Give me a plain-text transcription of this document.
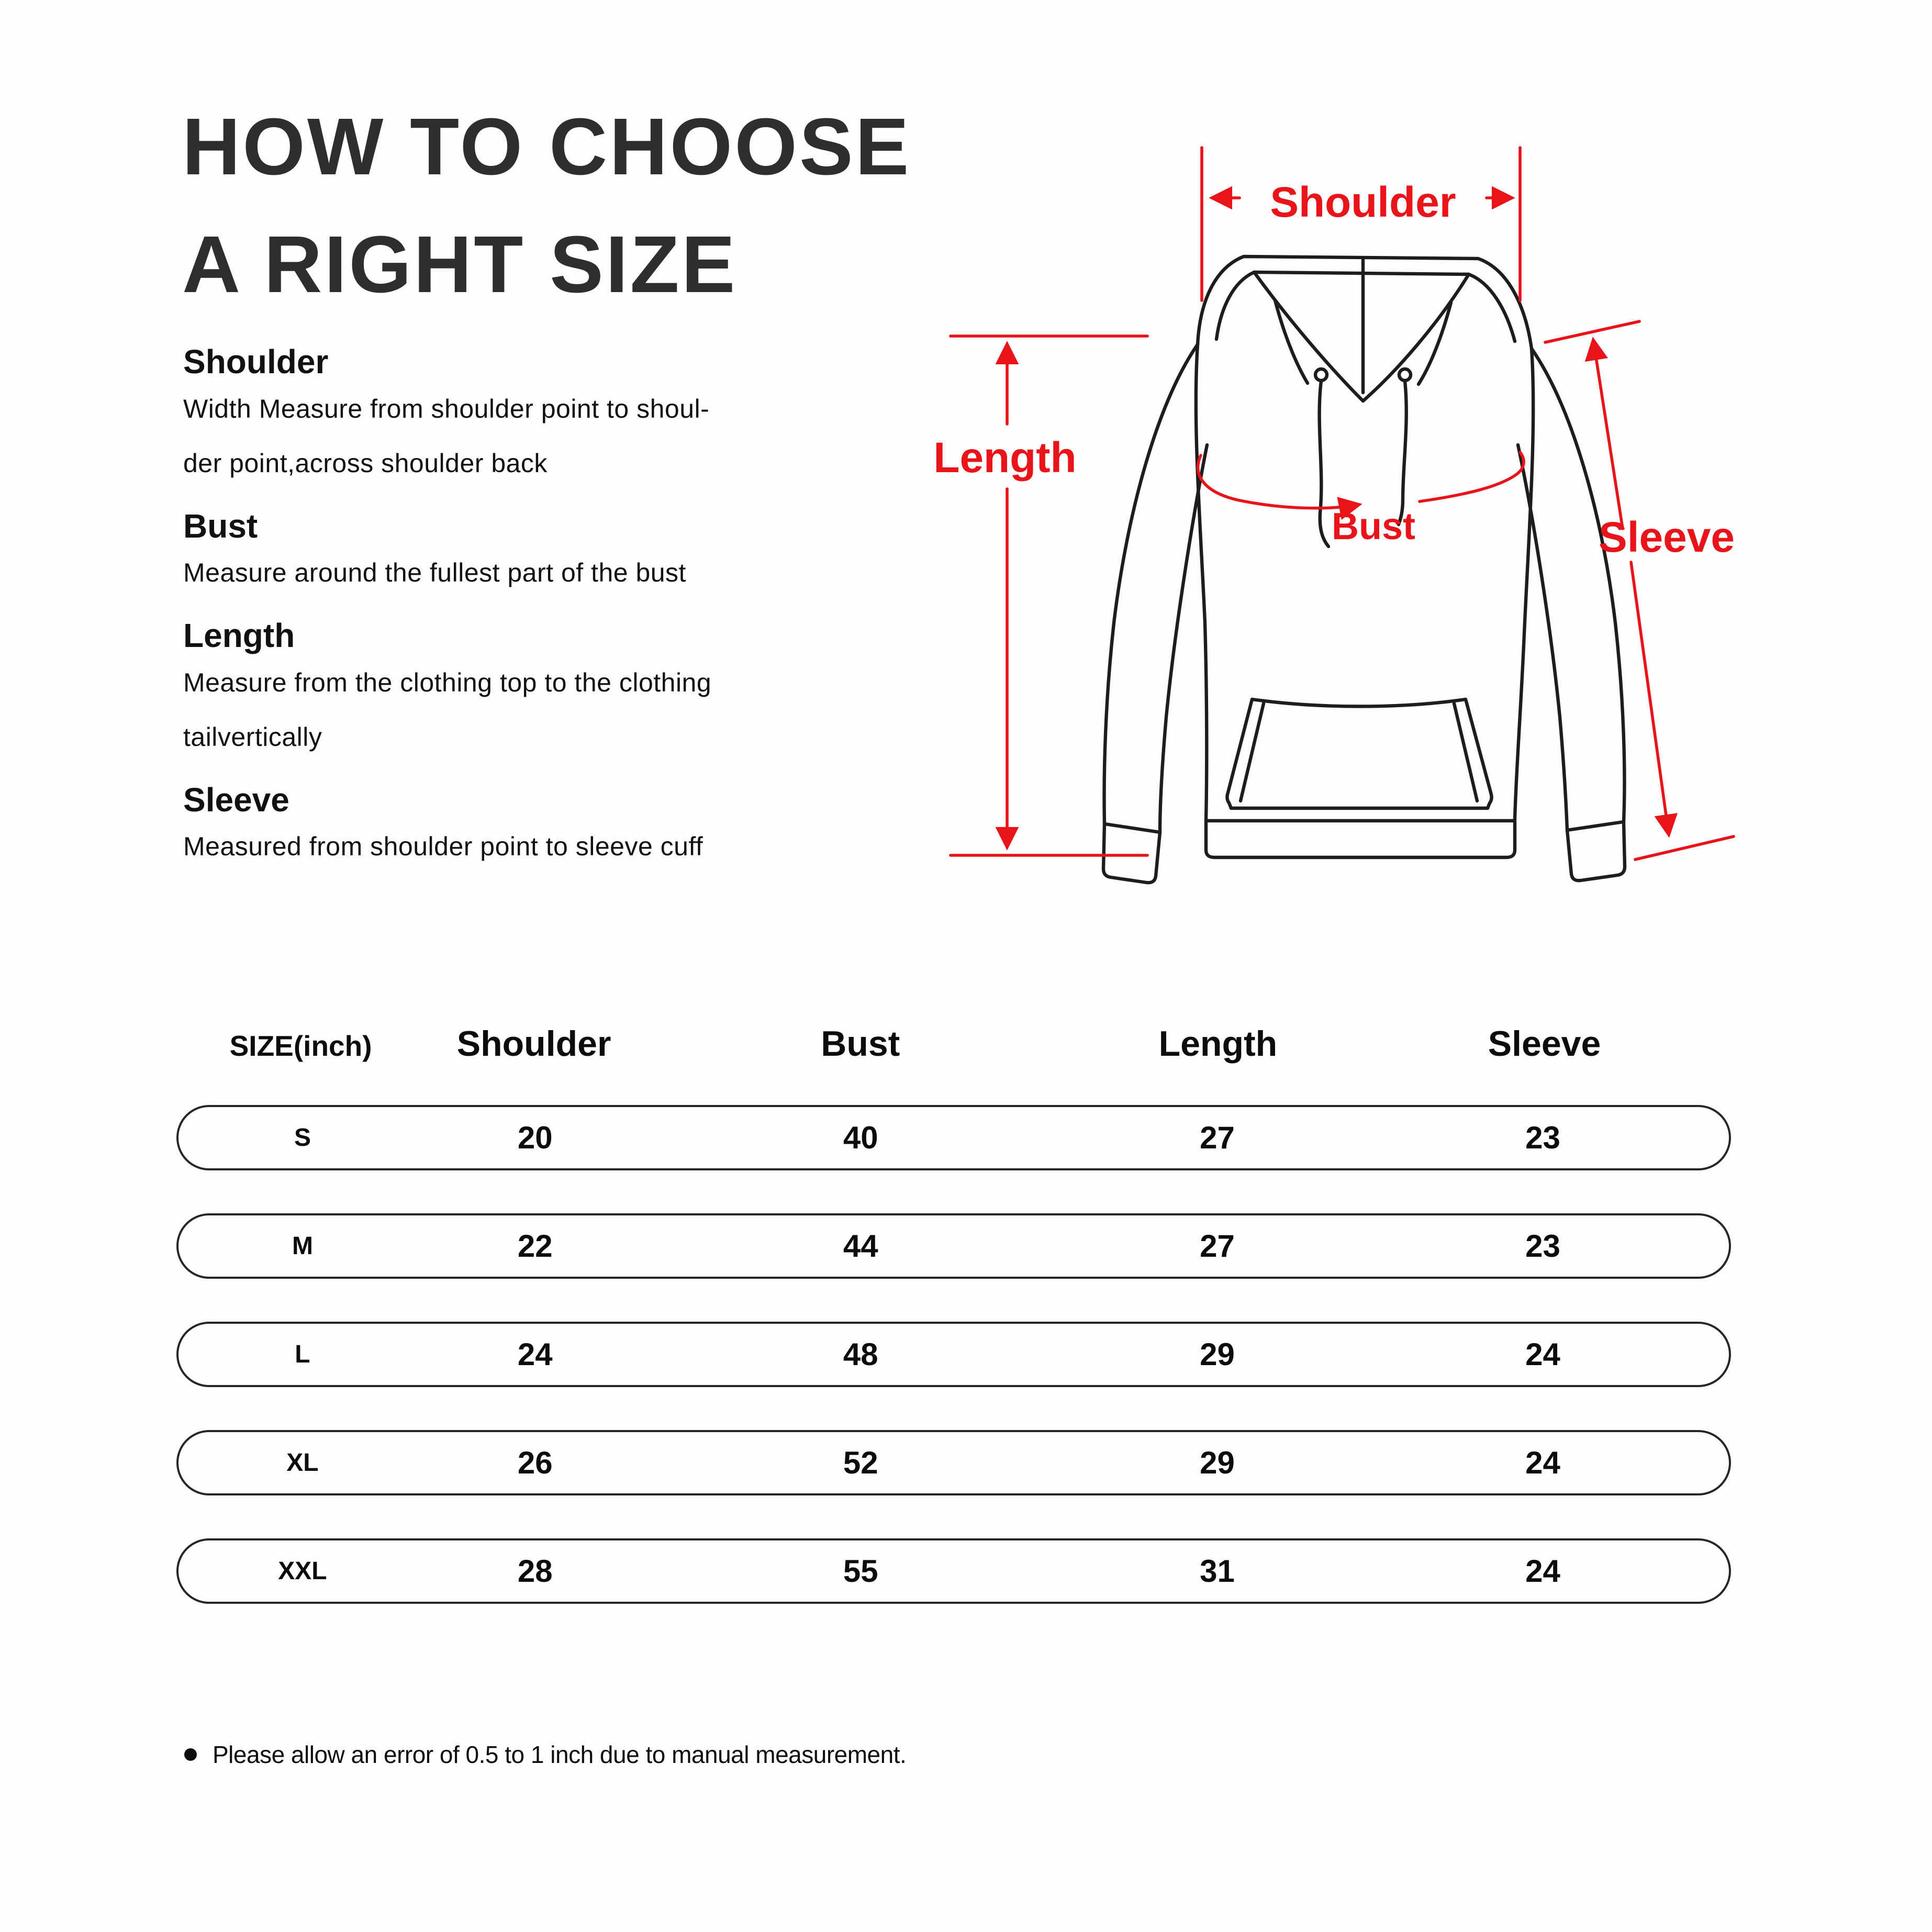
HOW TO CHOOSE
A RIGHT SIZE
Shoulder
Width Measure from shoulder point to shoul-
der point,across shoulder back
Bust
Measure around the fullest part of the bust
Length
Measure from the clothing top to the clothing
tailvertically
Sleeve
Measured from shoulder point to sleeve cuff
Shoulder
Length
Bust	Sleeve
SIZE(inch)	Shoulder	Bust	Length	Sleeve
S	20	40	27	23
M	22	44	27	23
L	24	48	29	24
XL	26	52	29	24
XXL	28	55	31	24
Please allow an error of 0.5 to 1 inch due to manual measurement.
